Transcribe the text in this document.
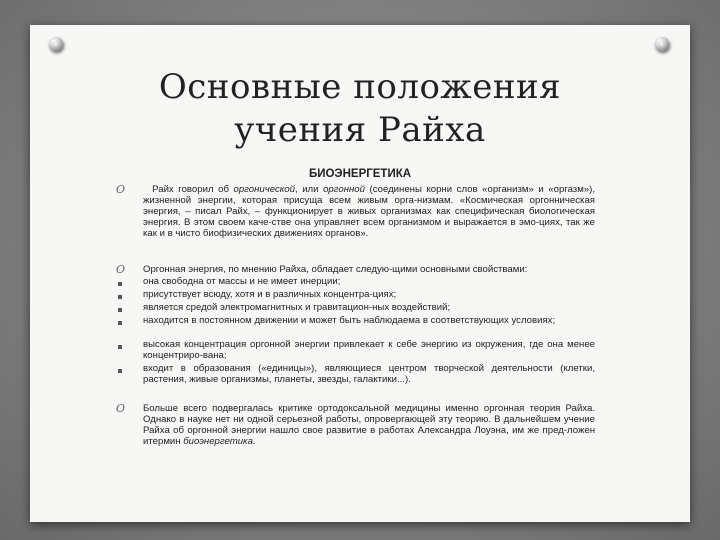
Основные положения
учения Райха
БИОЭНЕРГЕТИКА
O	Райх говорил об оргонической, или оргонной (соединены корни слов «организм» и «оргазм»), жизненной энергии, которая присуща всем живым орга-низмам. «Космическая оргонническая энергия, – писал Райх, – функционирует в живых организмах как специфическая биологическая энергия. В этом своем каче-стве она управляет всем организмом и выражается в эмо-циях, так же как и в чисто биофизических движениях органов».
O Оргонная энергия, по мнению Райха, обладает следую-щими основными свойствами:
она свободна от массы и не имеет инерции;
присутствует всюду, хотя и в различных концентра-циях;
является средой электромагнитных и гравитацион-ных воздействий;
находится в постоянном движении и может быть наблюдаема в соответствующих условиях;
высокая концентрация оргонной энергии привлекает к себе энергию из окружения, где она менее концентриро-вана;
входит в образования («единицы»), являющиеся центром творческой деятельности (клетки, растения, живые организмы, планеты, звезды, галактики...).
O Больше всего подвергалась критике ортодоксальной медицины именно оргонная теория Райха. Однако в науке нет ни одной серьезной работы, опровергающей эту теорию. В дальнейшем учение Райха об оргонной энергии нашло свое развитие в работах Александра Лоуэна, им же пред-ложен итермин биоэнергетика.
